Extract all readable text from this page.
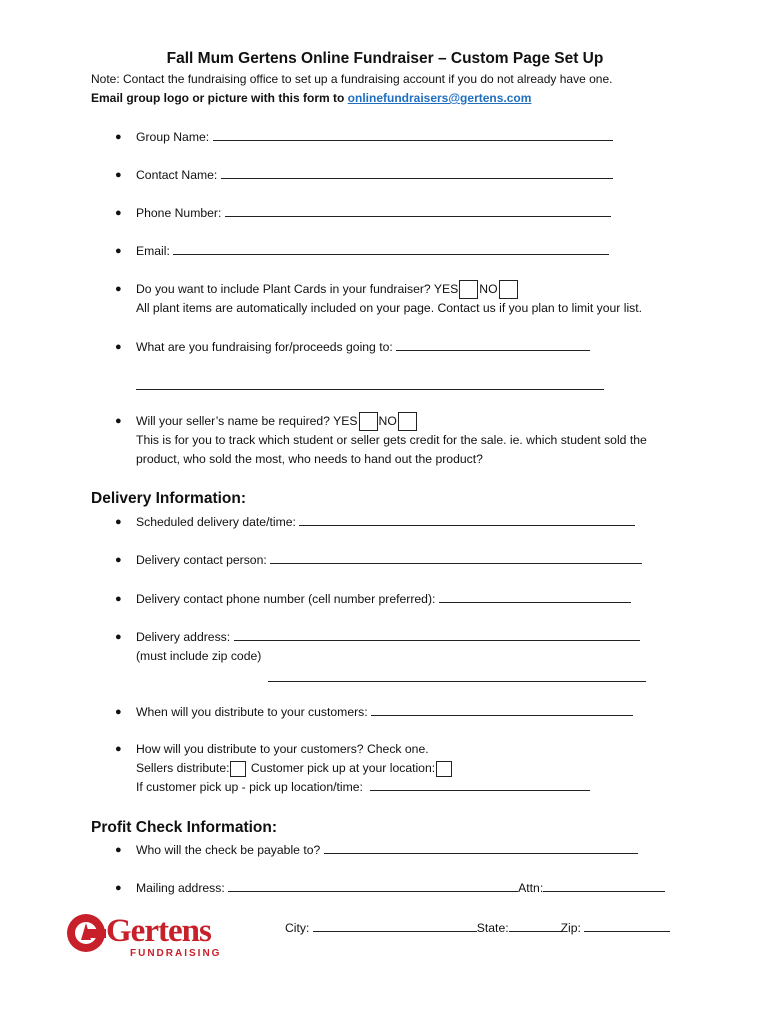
Fall Mum Gertens Online Fundraiser – Custom Page Set Up
Note: Contact the fundraising office to set up a fundraising account if you do not already have one.
Email group logo or picture with this form to onlinefundraisers@gertens.com
● Group Name:
● Contact Name:
● Phone Number:
● Email:
● Do you want to include Plant Cards in your fundraiser? YES NO
All plant items are automatically included on your page. Contact us if you plan to limit your list.
● What are you fundraising for/proceeds going to:
● Will your seller’s name be required? YES NO
This is for you to track which student or seller gets credit for the sale. ie. which student sold the
product, who sold the most, who needs to hand out the product?
Delivery Information:
● Scheduled delivery date/time:
● Delivery contact person:
● Delivery contact phone number (cell number preferred):
● Delivery address:
(must include zip code)
● When will you distribute to your customers:
● How will you distribute to your customers? Check one.
Sellers distribute: Customer pick up at your location:
If customer pick up - pick up location/time:
Profit Check Information:
● Who will the check be payable to?
● Mailing address:	Attn:
City:	State:	Zip:
Gertens
FUNDRAISING
